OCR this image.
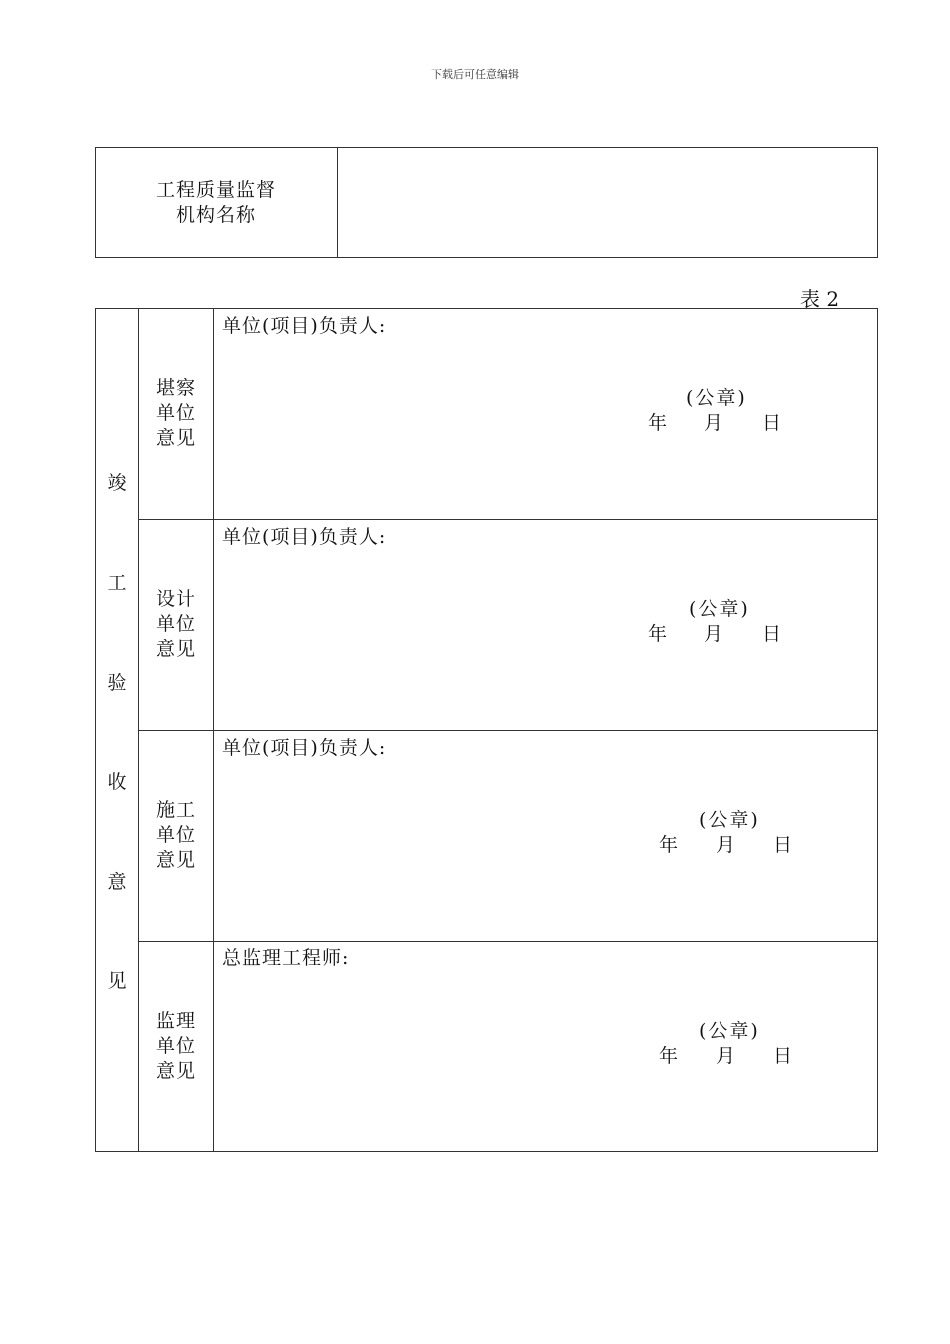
下载后可任意编辑
工程质量监督
机构名称
表 2
竣
工
验
收
意
见
堪察
单位
意见
单位(项目)负责人:
(公章)
年 月 日
设计
单位
意见
单位(项目)负责人:
(公章)
年 月 日
施工
单位
意见
单位(项目)负责人:
(公章)
年 月 日
监理
单位
意见
总监理工程师:
(公章)
年 月 日
